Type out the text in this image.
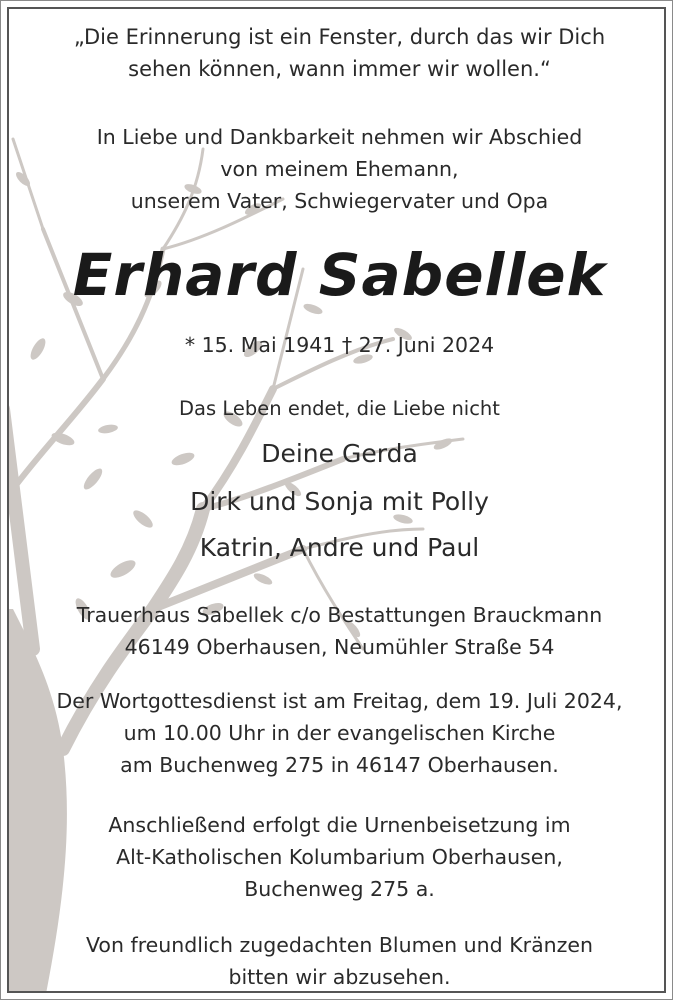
„Die Erinnerung ist ein Fenster, durch das wir Dich
sehen können, wann immer wir wollen.“
In Liebe und Dankbarkeit nehmen wir Abschied
von meinem Ehemann,
unserem Vater, Schwiegervater und Opa
Erhard Sabellek
* 15. Mai 1941 † 27. Juni 2024
Das Leben endet, die Liebe nicht
Deine Gerda
Dirk und Sonja mit Polly
Katrin, Andre und Paul
Trauerhaus Sabellek c/o Bestattungen Brauckmann
46149 Oberhausen, Neumühler Straße 54
Der Wortgottesdienst ist am Freitag, dem 19. Juli 2024,
um 10.00 Uhr in der evangelischen Kirche
am Buchenweg 275 in 46147 Oberhausen.
Anschließend erfolgt die Urnenbeisetzung im
Alt-Katholischen Kolumbarium Oberhausen,
Buchenweg 275 a.
Von freundlich zugedachten Blumen und Kränzen
bitten wir abzusehen.
